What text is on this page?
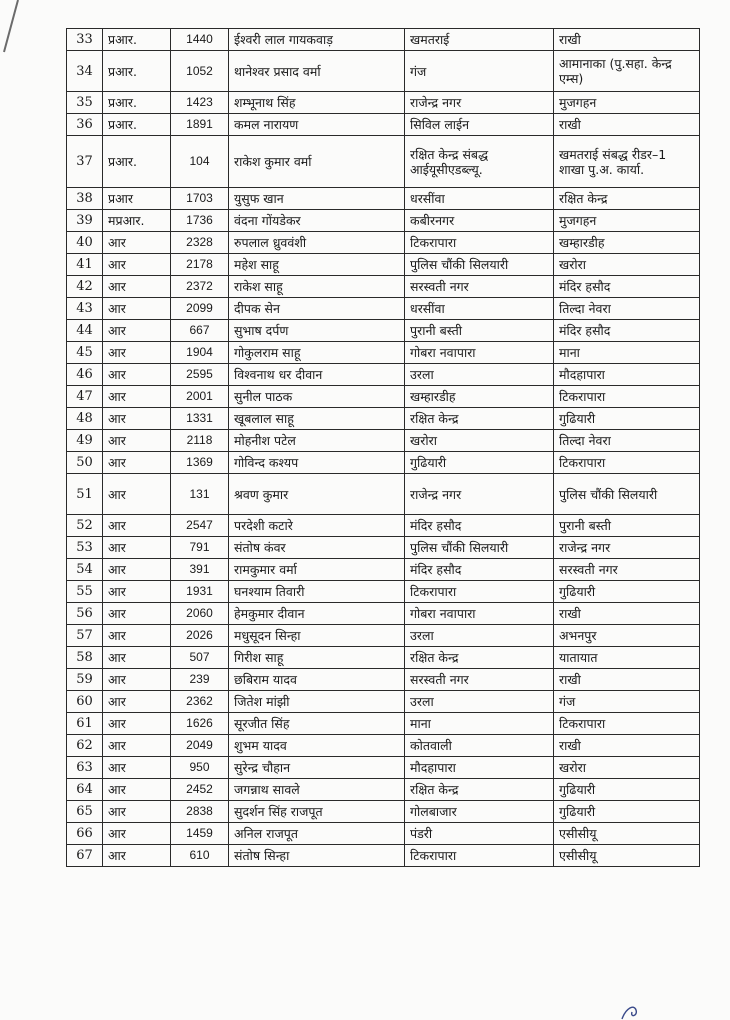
33	प्रआर.	1440	ईश्वरी लाल गायकवाड़	खमतराई	राखी
34	प्रआर.	1052	थानेश्वर प्रसाद वर्मा	गंज	आमानाका (पु.सहा. केन्द्र एम्स)
35	प्रआर.	1423	शम्भूनाथ सिंह	राजेन्द्र नगर	मुजगहन
36	प्रआर.	1891	कमल नारायण	सिविल लाईन	राखी
37	प्रआर.	104	राकेश कुमार वर्मा	रक्षित केन्द्र संबद्ध आईयूसीएडब्ल्यू.	खमतराई संबद्ध रीडर–1 शाखा पु.अ. कार्या.
38	प्रआर	1703	युसुफ खान	धरसींवा	रक्षित केन्द्र
39	मप्रआर.	1736	वंदना गोंयडेकर	कबीरनगर	मुजगहन
40	आर	2328	रुपलाल ध्रुववंशी	टिकरापारा	खम्हारडीह
41	आर	2178	महेश साहू	पुलिस चौंकी सिलयारी	खरोरा
42	आर	2372	राकेश साहू	सरस्वती नगर	मंदिर हसौद
43	आर	2099	दीपक सेन	धरसींवा	तिल्दा नेवरा
44	आर	667	सुभाष दर्पण	पुरानी बस्ती	मंदिर हसौद
45	आर	1904	गोकुलराम साहू	गोबरा नवापारा	माना
46	आर	2595	विश्वनाथ धर दीवान	उरला	मौदहापारा
47	आर	2001	सुनील पाठक	खम्हारडीह	टिकरापारा
48	आर	1331	खूबलाल साहू	रक्षित केन्द्र	गुढियारी
49	आर	2118	मोहनीश पटेल	खरोरा	तिल्दा नेवरा
50	आर	1369	गोविन्द कश्यप	गुढियारी	टिकरापारा
51	आर	131	श्रवण कुमार	राजेन्द्र नगर	पुलिस चौंकी सिलयारी
52	आर	2547	परदेशी कटारे	मंदिर हसौद	पुरानी बस्ती
53	आर	791	संतोष कंवर	पुलिस चौंकी सिलयारी	राजेन्द्र नगर
54	आर	391	रामकुमार वर्मा	मंदिर हसौद	सरस्वती नगर
55	आर	1931	घनश्याम तिवारी	टिकरापारा	गुढियारी
56	आर	2060	हेमकुमार दीवान	गोबरा नवापारा	राखी
57	आर	2026	मधुसूदन सिन्हा	उरला	अभनपुर
58	आर	507	गिरीश साहू	रक्षित केन्द्र	यातायात
59	आर	239	छबिराम यादव	सरस्वती नगर	राखी
60	आर	2362	जितेश मांझी	उरला	गंज
61	आर	1626	सूरजीत सिंह	माना	टिकरापारा
62	आर	2049	शुभम यादव	कोतवाली	राखी
63	आर	950	सुरेन्द्र चौहान	मौदहापारा	खरोरा
64	आर	2452	जगन्नाथ सावले	रक्षित केन्द्र	गुढियारी
65	आर	2838	सुदर्शन सिंह राजपूत	गोलबाजार	गुढियारी
66	आर	1459	अनिल राजपूत	पंडरी	एसीसीयू
67	आर	610	संतोष सिन्हा	टिकरापारा	एसीसीयू
